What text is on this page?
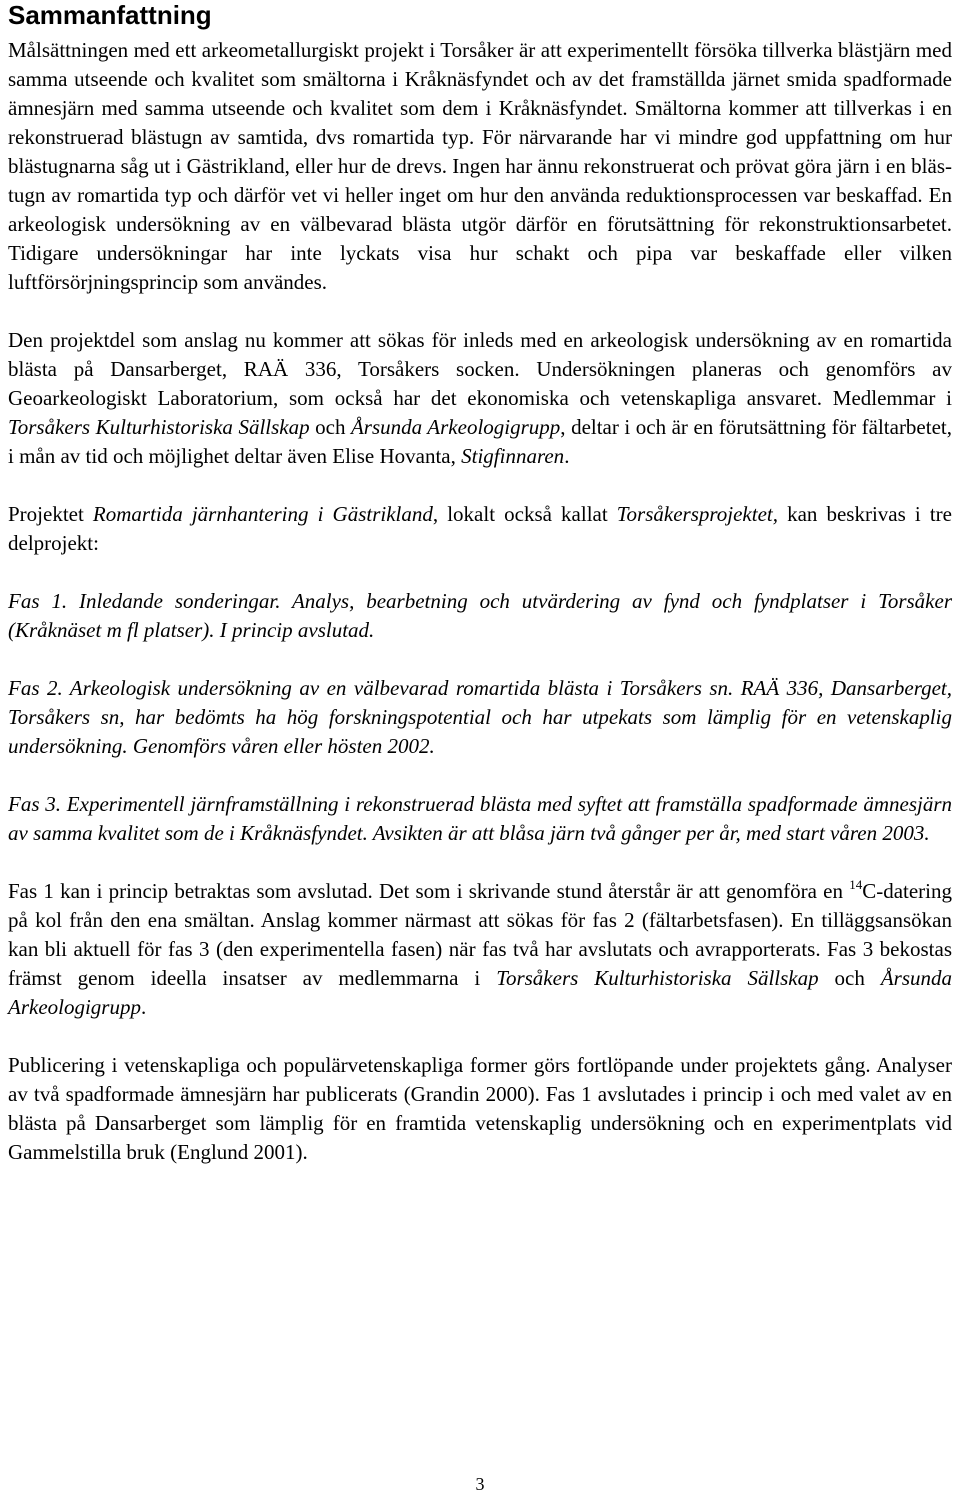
Sammanfattning

Målsättningen med ett arkeometallurgiskt projekt i Torsåker är att experimentellt försöka tillverka blästjärn med samma utseende och kvalitet som smältorna i Kråknäsfyndet och av det framställda järnet smida spadformade ämnesjärn med samma utseende och kvalitet som dem i Kråknäsfyndet. Smältorna kommer att tillverkas i en rekonstruerad blästugn av samtida, dvs romartida typ. För närvarande har vi mindre god uppfattning om hur blästugnarna såg ut i Gästrikland, eller hur de drevs. Ingen har ännu rekonstruerat och prövat göra järn i en blästugn av romartida typ och därför vet vi heller inget om hur den använda reduktionsprocessen var beskaffad. En arkeologisk undersökning av en välbevarad blästa utgör därför en förutsättning för rekonstruktionsarbetet. Tidigare undersökningar har inte lyckats visa hur schakt och pipa var beskaffade eller vilken luftförsörjningsprincip som användes.

Den projektdel som anslag nu kommer att sökas för inleds med en arkeologisk undersökning av en romartida blästa på Dansarberget, RAÄ 336, Torsåkers socken. Undersökningen planeras och genomförs av Geoarkeologiskt Laboratorium, som också har det ekonomiska och vetenskapliga ansvaret. Medlemmar i Torsåkers Kulturhistoriska Sällskap och Årsunda Arkeologigrupp, deltar i och är en förutsättning för fältarbetet, i mån av tid och möjlighet deltar även Elise Hovanta, Stigfinnaren.

Projektet Romartida järnhantering i Gästrikland, lokalt också kallat Torsåkersprojektet, kan beskrivas i tre delprojekt:

Fas 1. Inledande sonderingar. Analys, bearbetning och utvärdering av fynd och fyndplatser i Torsåker (Kråknäset m fl platser). I princip avslutad.

Fas 2. Arkeologisk undersökning av en välbevarad romartida blästa i Torsåkers sn. RAÄ 336, Dansarberget, Torsåkers sn, har bedömts ha hög forskningspotential och har utpekats som lämplig för en vetenskaplig undersökning. Genomförs våren eller hösten 2002.

Fas 3. Experimentell järnframställning i rekonstruerad blästa med syftet att framställa spadformade ämnesjärn av samma kvalitet som de i Kråknäsfyndet. Avsikten är att blåsa järn två gånger per år, med start våren 2003.

Fas 1 kan i princip betraktas som avslutad. Det som i skrivande stund återstår är att genomföra en $^{14}$C-datering på kol från den ena smältan. Anslag kommer närmast att sökas för fas 2 (fältarbetsfasen). En tilläggsansökan kan bli aktuell för fas 3 (den experimentella fasen) när fas två har avslutats och avrapporterats. Fas 3 bekostas främst genom ideella insatser av medlemmarna i Torsåkers Kulturhistoriska Sällskap och Årsunda Arkeologigrupp.

Publicering i vetenskapliga och populärvetenskapliga former görs fortlöpande under projektets gång. Analyser av två spadformade ämnesjärn har publicerats (Grandin 2000). Fas 1 avslutades i princip i och med valet av en blästa på Dansarberget som lämplig för en framtida vetenskaplig undersökning och en experimentplats vid Gammelstilla bruk (Englund 2001).

3
